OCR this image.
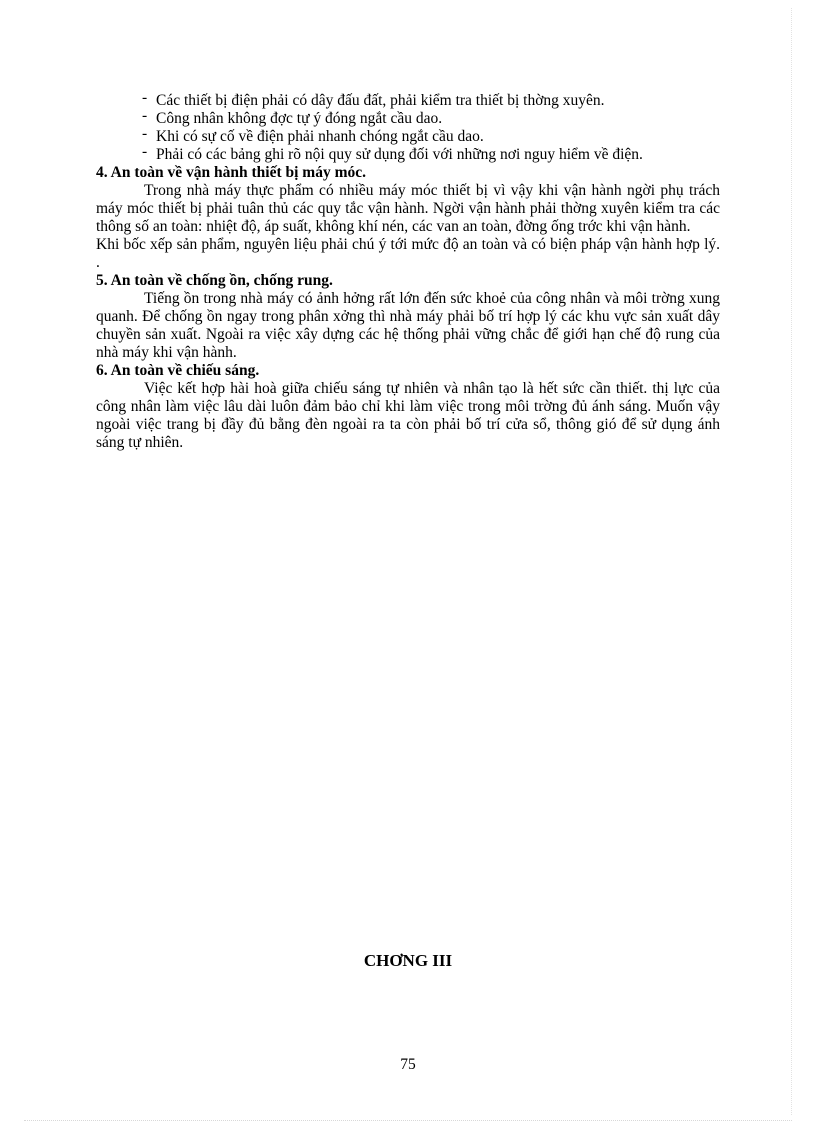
- Các thiết bị điện phải có dây đấu đất, phải kiểm tra thiết bị thờng xuyên.
- Công nhân không đợc tự ý đóng ngắt cầu dao.
- Khi có sự cố về điện phải nhanh chóng ngắt cầu dao.
- Phải có các bảng ghi rõ nội quy sử dụng đối với những nơi nguy hiểm về điện.
4. An toàn về vận hành thiết bị máy móc.

Trong nhà máy thực phẩm có nhiều máy móc thiết bị vì vậy khi vận hành ngời phụ trách máy móc thiết bị phải tuân thủ các quy tắc vận hành. Ngời vận hành phải thờng xuyên kiểm tra các thông số an toàn: nhiệt độ, áp suất, không khí nén, các van an toàn, đờng ống trớc khi vận hành.

Khi bốc xếp sản phẩm, nguyên liệu phải chú ý tới mức độ an toàn và có biện pháp vận hành hợp lý. .

5. An toàn về chống ồn, chống rung.

Tiếng ồn trong nhà máy có ảnh hởng rất lớn đến sức khoẻ của công nhân và môi trờng xung quanh. Để chống ồn ngay trong phân xởng thì nhà máy phải bố trí hợp lý các khu vực sản xuất dây chuyền sản xuất. Ngoài ra việc xây dựng các hệ thống phải vững chắc để giới hạn chế độ rung của nhà máy khi vận hành.

6. An toàn về chiếu sáng.

Việc kết hợp hài hoà giữa chiếu sáng tự nhiên và nhân tạo là hết sức cần thiết. thị lực của công nhân làm việc lâu dài luôn đảm bảo chỉ khi làm việc trong môi trờng đủ ánh sáng. Muốn vậy ngoài việc trang bị đầy đủ bằng đèn ngoài ra ta còn phải bố trí cửa sổ, thông gió để sử dụng ánh sáng tự nhiên.

CHƠNG III
75
